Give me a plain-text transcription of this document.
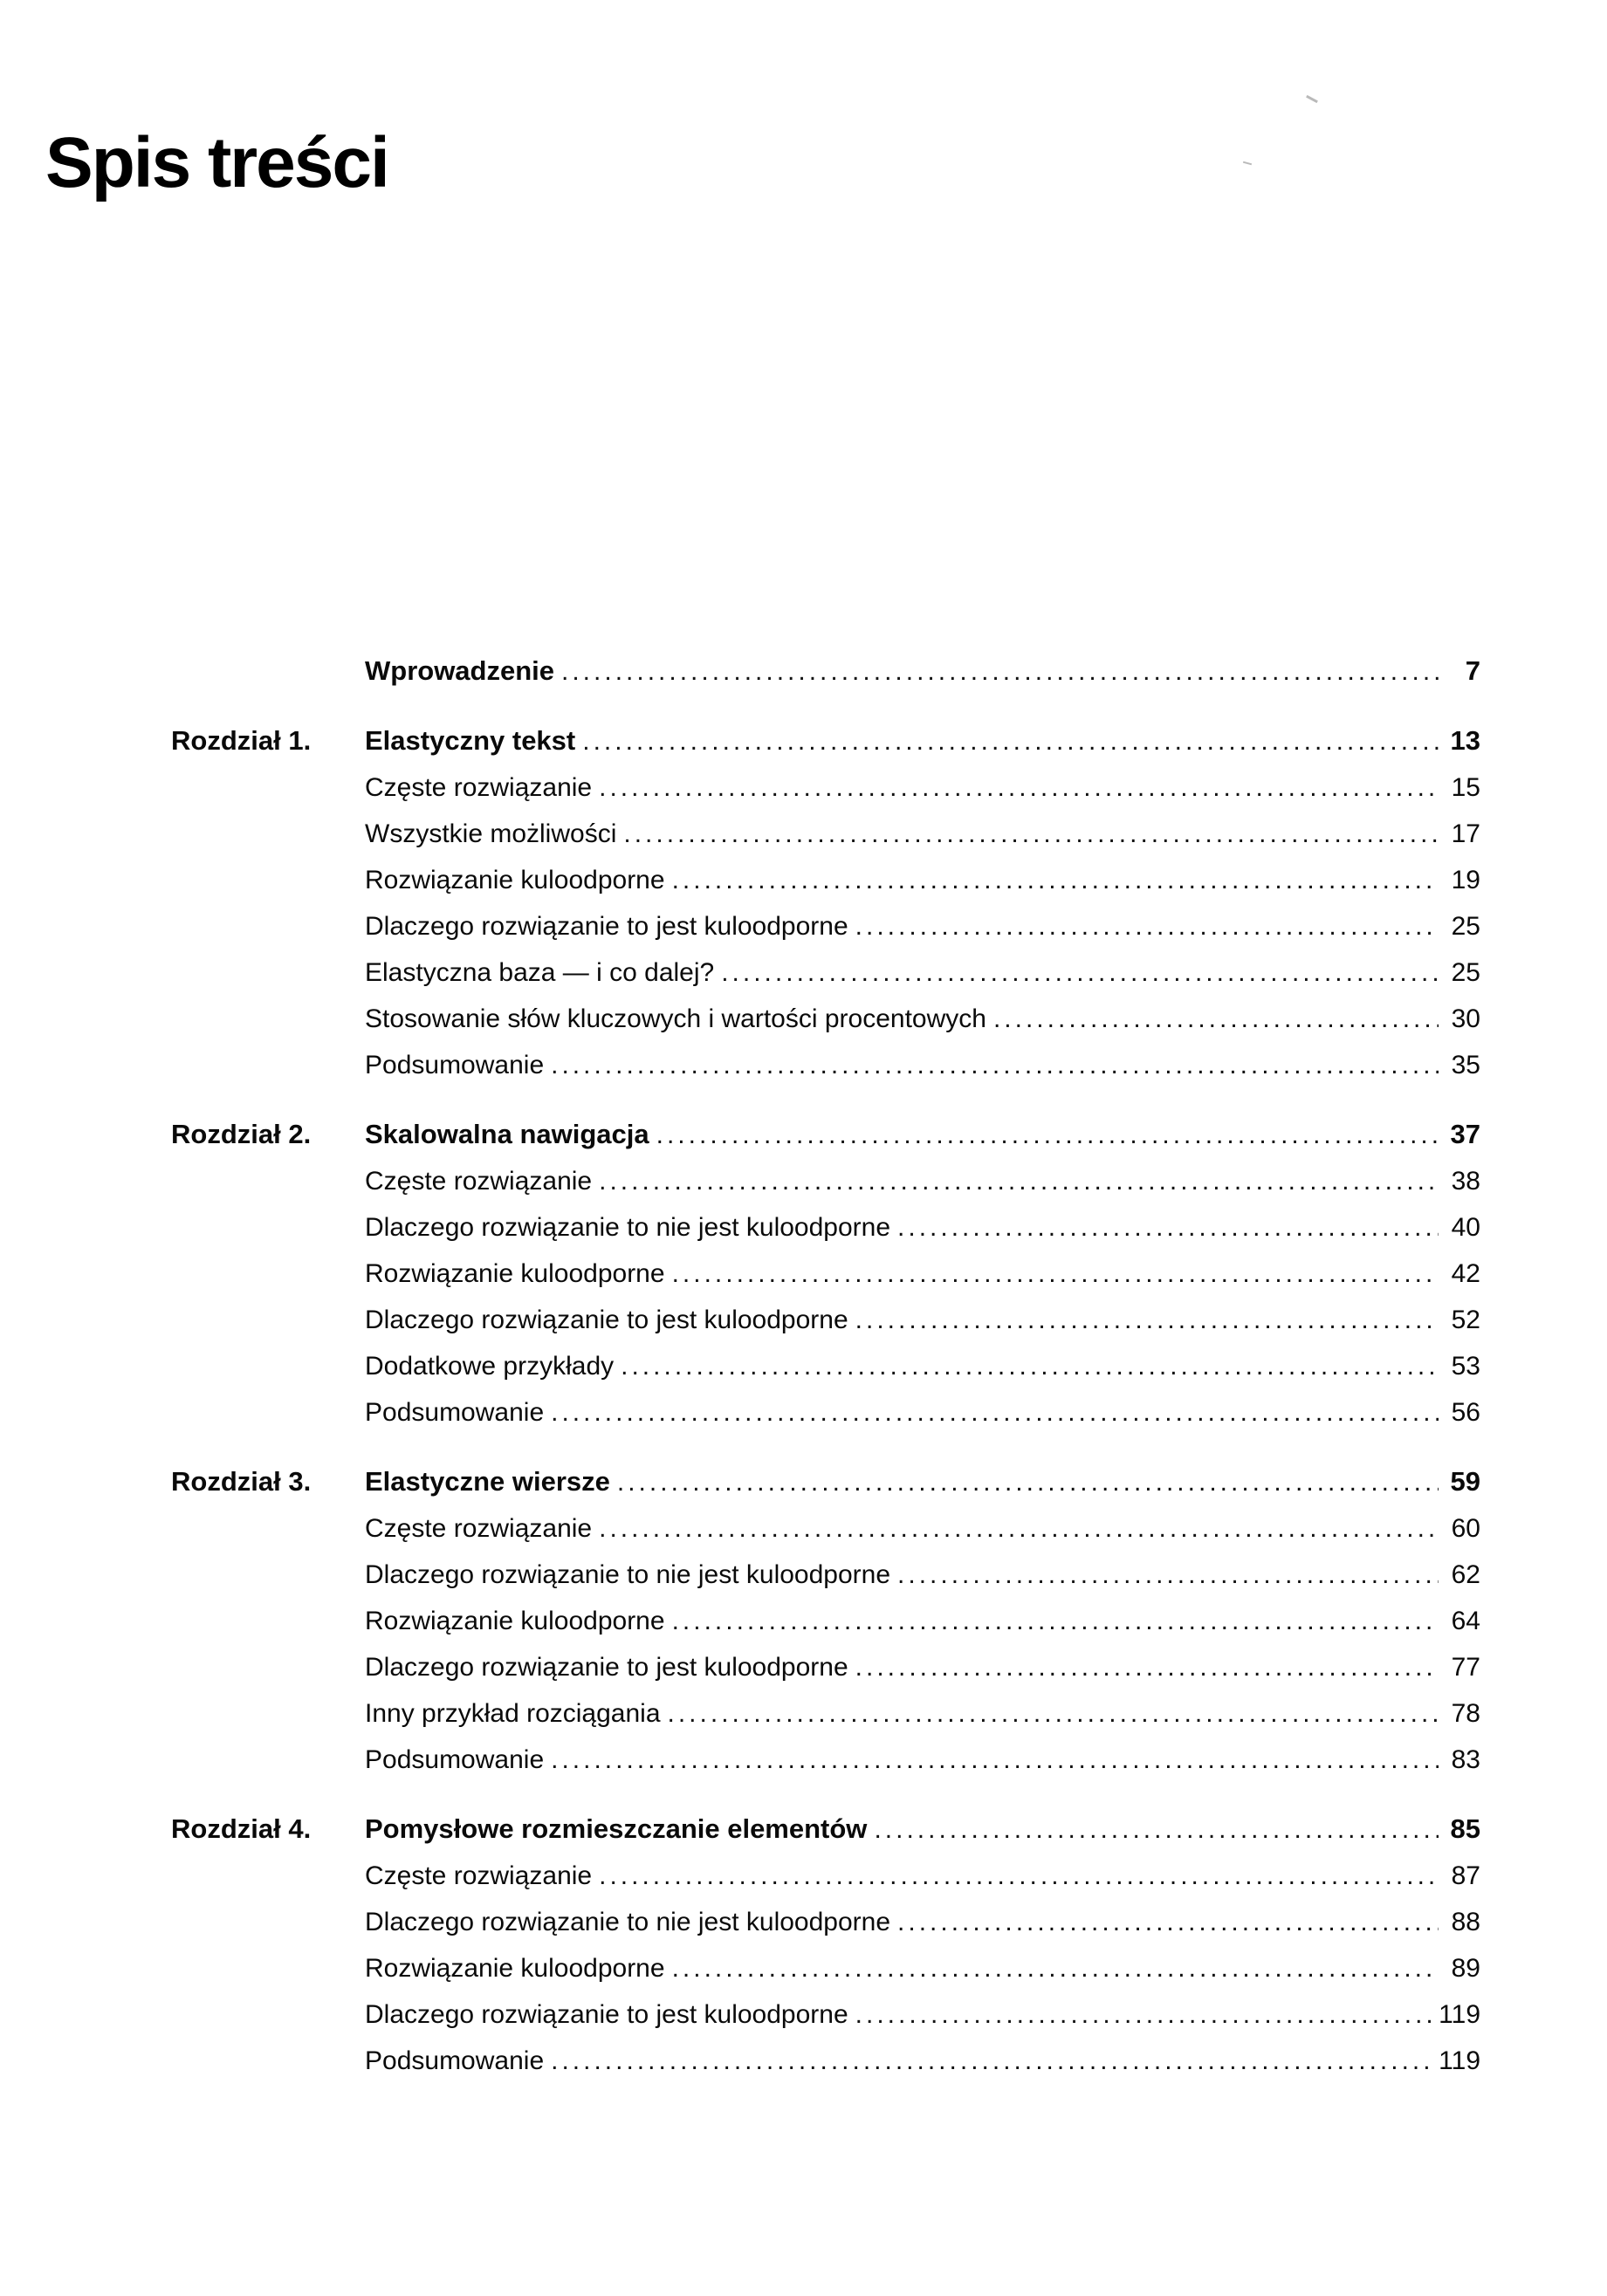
Spis treści
Wprowadzenie .....	7
Rozdział 1.	Elastyczny tekst .....	13
Częste rozwiązanie .....	15
Wszystkie możliwości .....	17
Rozwiązanie kuloodporne .....	19
Dlaczego rozwiązanie to jest kuloodporne .....	25
Elastyczna baza — i co dalej? .....	25
Stosowanie słów kluczowych i wartości procentowych .....	30
Podsumowanie .....	35
Rozdział 2.	Skalowalna nawigacja .....	37
Częste rozwiązanie .....	38
Dlaczego rozwiązanie to nie jest kuloodporne .....	40
Rozwiązanie kuloodporne .....	42
Dlaczego rozwiązanie to jest kuloodporne .....	52
Dodatkowe przykłady .....	53
Podsumowanie .....	56
Rozdział 3.	Elastyczne wiersze .....	59
Częste rozwiązanie .....	60
Dlaczego rozwiązanie to nie jest kuloodporne .....	62
Rozwiązanie kuloodporne .....	64
Dlaczego rozwiązanie to jest kuloodporne .....	77
Inny przykład rozciągania .....	78
Podsumowanie .....	83
Rozdział 4.	Pomysłowe rozmieszczanie elementów .....	85
Częste rozwiązanie .....	87
Dlaczego rozwiązanie to nie jest kuloodporne .....	88
Rozwiązanie kuloodporne .....	89
Dlaczego rozwiązanie to jest kuloodporne .....	119
Podsumowanie .....	119
